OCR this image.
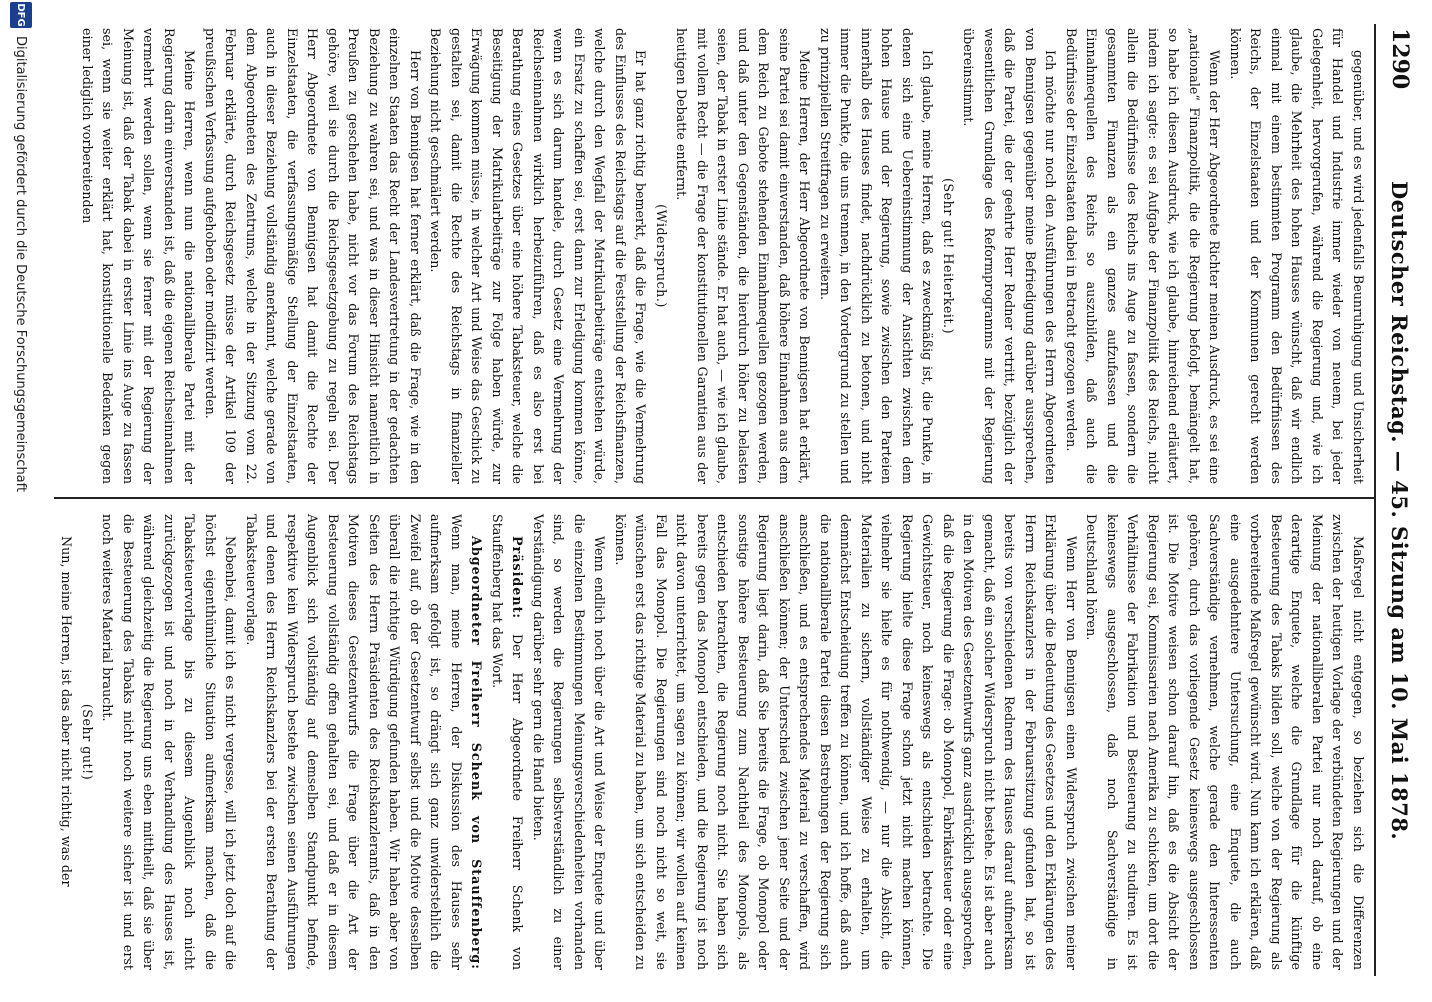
1290
Deutscher Reichstag. — 45. Sitzung am 10. Mai 1878.

gegenüber, und es wird jedenfalls Beunruhigung und Unsicherheit für Handel und Industrie immer wieder von neuem, bei jeder Gelegenheit, hervorgerufen, während die Regierung und, wie ich glaube, die Mehrheit des hohen Hauses wünscht, daß wir endlich einmal mit einem bestimmten Programm den Bedürfnissen des Reichs, der Einzelstaaten und der Kommunen gerecht werden können.

Wenn der Herr Abgeordnete Richter meinen Ausdruck, es sei eine „nationale“ Finanzpolitik, die die Regierung befolgt, bemängelt hat, so habe ich diesen Ausdruck, wie ich glaube, hinreichend erläutert, indem ich sagte: es sei Aufgabe der Finanzpolitik des Reichs, nicht allein die Bedürfnisse des Reichs ins Auge zu fassen, sondern die gesammten Finanzen als ein ganzes aufzufassen und die Einnahmequellen des Reichs so auszubilden, daß auch die Bedürfnisse der Einzelstaaten dabei in Betracht gezogen werden.

Ich möchte nur noch den Ausführungen des Herrn Abgeordneten von Bennigsen gegenüber meine Befriedigung darüber aussprechen, daß die Partei, die der geehrte Herr Redner vertritt, bezüglich der wesentlichen Grundlage des Reformprogramms mit der Regierung übereinstimmt.

(Sehr gut! Heiterkeit.)

Ich glaube, meine Herren, daß es zweckmäßig ist, die Punkte, in denen sich eine Uebereinstimmung der Ansichten zwischen dem hohen Hause und der Regierung, sowie zwischen den Parteien innerhalb des Hauses findet, nachdrücklich zu betonen, und nicht immer die Punkte, die uns trennen, in den Vordergrund zu stellen und zu prinzipiellen Streitfragen zu erweitern.

Meine Herren, der Herr Abgeordnete von Bennigsen hat erklärt, seine Partei sei damit einverstanden, daß höhere Einnahmen aus dem dem Reich zu Gebote stehenden Einnahmequellen gezogen werden, und daß unter den Gegenständen, die hierdurch höher zu belasten seien, der Tabak in erster Linie stände. Er hat auch, — wie ich glaube, mit vollem Recht — die Frage der konstitutionellen Garantien aus der heutigen Debatte entfernt.

(Widerspruch.)

Er hat ganz richtig bemerkt, daß die Frage, wie die Vermehrung des Einflusses des Reichstags auf die Feststellung der Reichsfinanzen, welche durch den Wegfall der Matrikularbeiträge entstehen würde, ein Ersatz zu schaffen sei, erst dann zur Erledigung kommen könne, wenn es sich darum handele, durch Gesetz eine Vermehrung der Reichseinnahmen wirklich herbeizuführen, daß es also erst bei Berathung eines Gesetzes über eine höhere Tabaksteuer, welche die Beseitigung der Matrikularbeiträge zur Folge haben würde, zur Erwägung kommen müsse, in welcher Art und Weise das Geschick zu gestalten sei, damit die Rechte des Reichstags in finanzieller Beziehung nicht geschmälert werden.

Herr von Bennigsen hat ferner erklärt, daß die Frage, wie in den einzelnen Staaten das Recht der Landesvertretung in der gedachten Beziehung zu wahren sei, und was in dieser Hinsicht namentlich in Preußen zu geschehen habe, nicht vor das Forum des Reichstags gehöre, weil sie durch die Reichsgesetzgebung zu regeln sei. Der Herr Abgeordnete von Bennigsen hat damit die Rechte der Einzelstaaten, die verfassungsmäßige Stellung der Einzelstaaten, auch in dieser Beziehung vollständig anerkannt, welche gerade von dem Abgeordneten des Zentrums, welche in der Sitzung vom 22. Februar erklärte, durch Reichsgesetz müsse der Artikel 109 der preußischen Verfassung aufgehoben oder modifizirt werden.

Meine Herren, wenn nun die nationalliberale Partei mit der Regierung darin einverstanden ist, daß die eigenen Reichseinnahmen vermehrt werden sollen, wenn sie ferner mit der Regierung der Meinung ist, daß der Tabak dabei in erster Linie ins Auge zu fassen sei, wenn sie weiter erklärt hat, konstitutionelle Bedenken gegen einer lediglich vorbereitenden

Maßregel nicht entgegen, so beziehen sich die Differenzen zwischen der heutigen Vorlage der verbündeten Regierungen und der Meinung der nationalliberalen Partei nur noch darauf, ob eine derartige Enquete, welche die Grundlage für die künftige Besteuerung des Tabaks bilden soll, welche von der Regierung als vorbereitende Maßregel gewünscht wird. Nun kann ich erklären, daß eine ausgedehntere Untersuchung, eine Enquete, die auch Sachverständige vernehmen, welche gerade den Interessenten gehören, durch das vorliegende Gesetz keineswegs ausgeschlossen ist. Die Motive weisen schon darauf hin, daß es die Absicht der Regierung sei, Kommissarien nach Amerika zu schicken, um dort die Verhältnisse der Fabrikation und Besteuerung zu studiren. Es ist keineswegs ausgeschlossen, daß noch Sachverständige in Deutschland hören.

Wenn Herr von Bennigsen einen Widerspruch zwischen meiner Erklärung über die Bedeutung des Gesetzes und den Erklärungen des Herrn Reichskanzlers in der Februarsitzung gefunden hat, so ist bereits von verschiedenen Rednern des Hauses darauf aufmerksam gemacht, daß ein solcher Widerspruch nicht bestehe. Es ist aber auch in den Motiven des Gesetzentwurfs ganz ausdrücklich ausgesprochen, daß die Regierung die Frage: ob Monopol, Fabrikatsteuer oder eine Gewichtsteuer, noch keineswegs als entschieden betrachte. Die Regierung hielte diese Frage schon jetzt nicht machen können, vielmehr sie hielte es für nothwendig, — nur die Absicht, die Materialien zu sichern, vollständiger Weise zu erhalten, um demnächst Entscheidung treffen zu können, und ich hoffe, daß auch die nationalliberale Partei diesen Bestrebungen der Regierung sich anschließen, und es entsprechendes Material zu verschaffen, wird anschließen können; der Unterschied zwischen jener Seite und der Regierung liegt darin, daß Sie bereits die Frage, ob Monopol oder sonstige höhere Besteuerung zum Nachtheil des Monopols, als entschieden betrachten, die Regierung noch nicht. Sie haben sich bereits gegen das Monopol entschieden, und die Regierung ist noch nicht davon unterrichtet, um sagen zu können; wir wollen auf keinen Fall das Monopol. Die Regierungen sind noch nicht so weit, sie wünschen erst das richtige Material zu haben, um sich entscheiden zu können.

Wenn endlich noch über die Art und Weise der Enquete und über die einzelnen Bestimmungen Meinungsverschiedenheiten vorhanden sind, so werden die Regierungen selbstverständlich zu einer Verständigung darüber sehr gern die Hand bieten.

Präsident: Der Herr Abgeordnete Freiherr Schenk von Stauffenberg hat das Wort.

Abgeordneter Freiherr Schenk von Stauffenberg: Wenn man, meine Herren, der Diskussion des Hauses sehr aufmerksam gefolgt ist, so drängt sich ganz unwiderstehlich die Zweifel auf, ob der Gesetzentwurf selbst und die Motive desselben überall die richtige Würdigung gefunden haben. Wir haben aber von Seiten des Herrn Präsidenten des Reichskanzleramts, daß in den Motiven dieses Gesetzentwurfs die Frage über die Art der Besteuerung vollständig offen gehalten sei, und daß er in diesem Augenblick sich vollständig auf demselben Standpunkt befinde, respektive kein Widerspruch bestehe zwischen seinen Ausführungen und denen des Herrn Reichskanzlers bei der ersten Berathung der Tabaksteuervorlage.

Nebenbei, damit ich es nicht vergesse, will ich jetzt doch auf die höchst eigenthümliche Situation aufmerksam machen, daß die Tabaksteuervorlage bis zu diesem Augenblick noch nicht zurückgezogen ist und noch in der Verhandlung des Hauses ist, während gleichzeitig die Regierung uns eben mittheilt, daß sie über die Besteuerung des Tabaks nicht noch weitere sicher ist und erst noch weiteres Material braucht.

(Sehr gut!)

Nun, meine Herren, ist das aber nicht richtig, was der

DFG
Digitalisierung gefördert durch die Deutsche Forschungsgemeinschaft
